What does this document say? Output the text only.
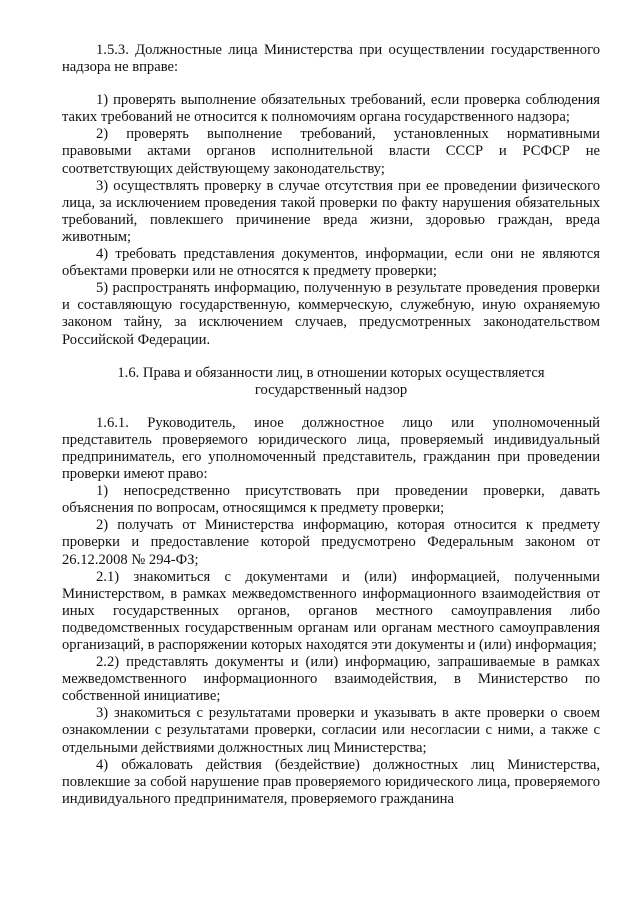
1.5.3. Должностные лица Министерства при осуществлении государственного надзора не вправе:

1) проверять выполнение обязательных требований, если проверка соблюдения таких требований не относится к полномочиям органа государственного надзора;

2) проверять выполнение требований, установленных нормативными правовыми актами органов исполнительной власти СССР и РСФСР не соответствующих действующему законодательству;

3) осуществлять проверку в случае отсутствия при ее проведении физического лица, за исключением проведения такой проверки по факту нарушения обязательных требований, повлекшего причинение вреда жизни, здоровью граждан, вреда животным;

4) требовать представления документов, информации, если они не являются объектами проверки или не относятся к предмету проверки;

5) распространять информацию, полученную в результате проведения проверки и составляющую государственную, коммерческую, служебную, иную охраняемую законом тайну, за исключением случаев, предусмотренных законодательством Российской Федерации.

1.6. Права и обязанности лиц, в отношении которых осуществляется государственный надзор

1.6.1. Руководитель, иное должностное лицо или уполномоченный представитель проверяемого юридического лица, проверяемый индивидуальный предприниматель, его уполномоченный представитель, гражданин при проведении проверки имеют право:

1) непосредственно присутствовать при проведении проверки, давать объяснения по вопросам, относящимся к предмету проверки;

2) получать от Министерства информацию, которая относится к предмету проверки и предоставление которой предусмотрено Федеральным законом от 26.12.2008 № 294-ФЗ;

2.1) знакомиться с документами и (или) информацией, полученными Министерством, в рамках межведомственного информационного взаимодействия от иных государственных органов, органов местного самоуправления либо подведомственных государственным органам или органам местного самоуправления организаций, в распоряжении которых находятся эти документы и (или) информация;

2.2) представлять документы и (или) информацию, запрашиваемые в рамках межведомственного информационного взаимодействия, в Министерство по собственной инициативе;

3) знакомиться с результатами проверки и указывать в акте проверки о своем ознакомлении с результатами проверки, согласии или несогласии с ними, а также с отдельными действиями должностных лиц Министерства;

4) обжаловать действия (бездействие) должностных лиц Министерства, повлекшие за собой нарушение прав проверяемого юридического лица, проверяемого индивидуального предпринимателя, проверяемого гражданина
